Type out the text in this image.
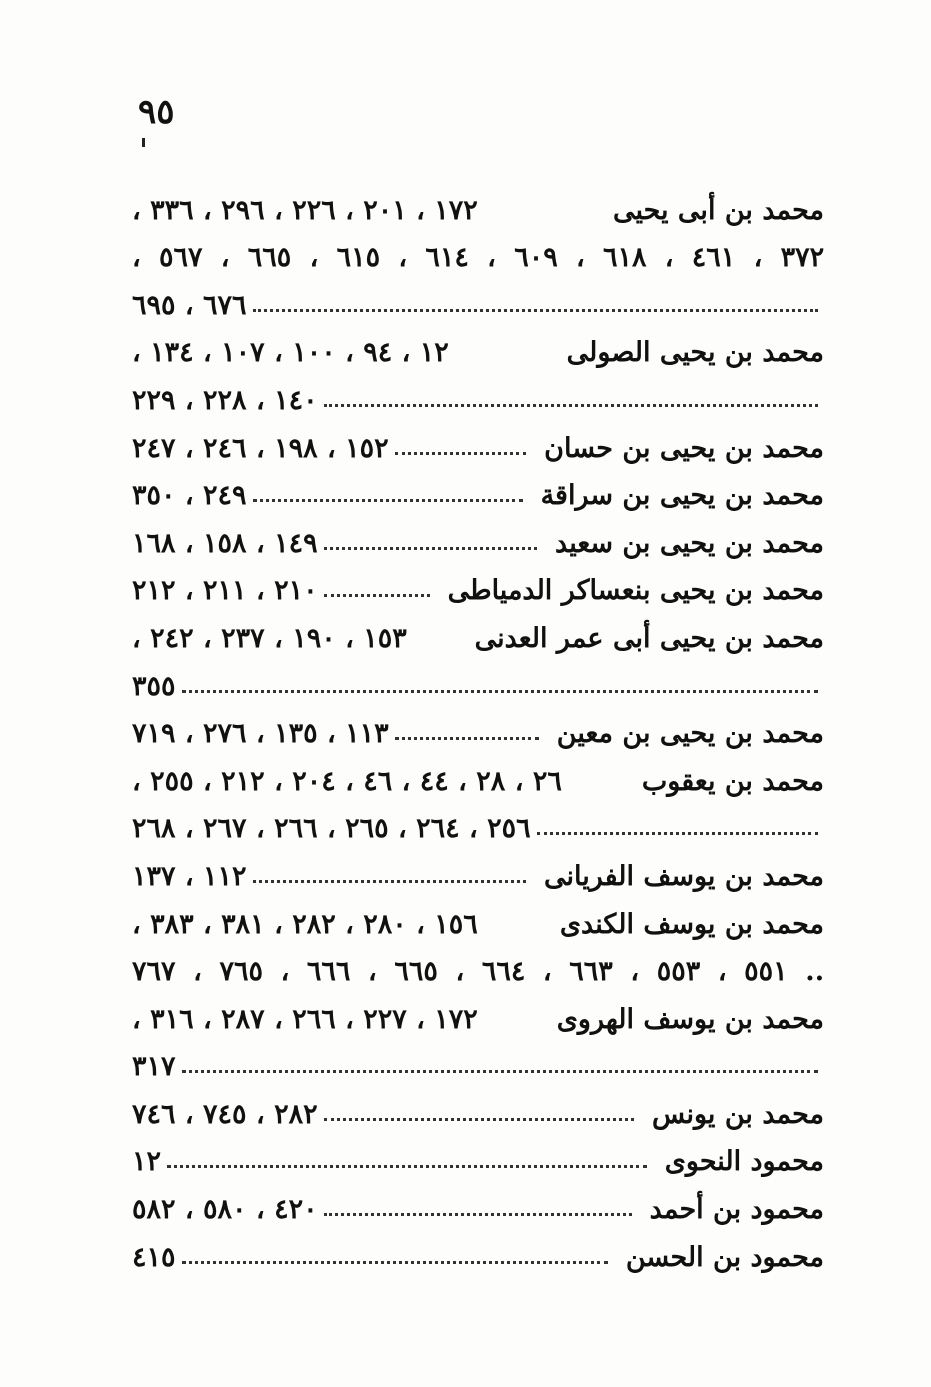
٩٥
محمد بن أبى يحيى
١٧٢ ، ٢٠١ ، ٢٢٦ ، ٢٩٦ ، ٣٣٦ ،
٣٧٢ ، ٤٦١ ، ٦١٨ ، ٦٠٩ ، ٦١٤ ، ٦١٥ ، ٦٦٥ ، ٥٦٧ ،
٦٧٦ ، ٦٩٥
محمد بن يحيى الصولى
١٢ ، ٩٤ ، ١٠٠ ، ١٠٧ ، ١٣٤ ،
١٤٠ ، ٢٢٨ ، ٢٢٩
محمد بن يحيى بن حسان
١٥٢ ، ١٩٨ ، ٢٤٦ ، ٢٤٧
محمد بن يحيى بن سراقة
٢٤٩ ، ٣٥٠
محمد بن يحيى بن سعيد
١٤٩ ، ١٥٨ ، ١٦٨
محمد بن يحيى بنعساكر الدمياطى
٢١٠ ، ٢١١ ، ٢١٢
محمد بن يحيى أبى عمر العدنى
١٥٣ ، ١٩٠ ، ٢٣٧ ، ٢٤٢ ،
٣٥٥
محمد بن يحيى بن معين
١١٣ ، ١٣٥ ، ٢٧٦ ، ٧١٩
محمد بن يعقوب
٢٦ ، ٢٨ ، ٤٤ ، ٤٦ ، ٢٠٤ ، ٢١٢ ، ٢٥٥ ،
٢٥٦ ، ٢٦٤ ، ٢٦٥ ، ٢٦٦ ، ٢٦٧ ، ٢٦٨
محمد بن يوسف الفريانى
١١٢ ، ١٣٧
محمد بن يوسف الكندى
١٥٦ ، ٢٨٠ ، ٢٨٢ ، ٣٨١ ، ٣٨٣ ،
.. ٥٥١ ، ٥٥٣ ، ٦٦٣ ، ٦٦٤ ، ٦٦٥ ، ٦٦٦ ، ٧٦٥ ، ٧٦٧
محمد بن يوسف الهروى
١٧٢ ، ٢٢٧ ، ٢٦٦ ، ٢٨٧ ، ٣١٦ ،
٣١٧
محمد بن يونس
٢٨٢ ، ٧٤٥ ، ٧٤٦
محمود النحوى
١٢
محمود بن أحمد
٤٢٠ ، ٥٨٠ ، ٥٨٢
محمود بن الحسن
٤١٥
